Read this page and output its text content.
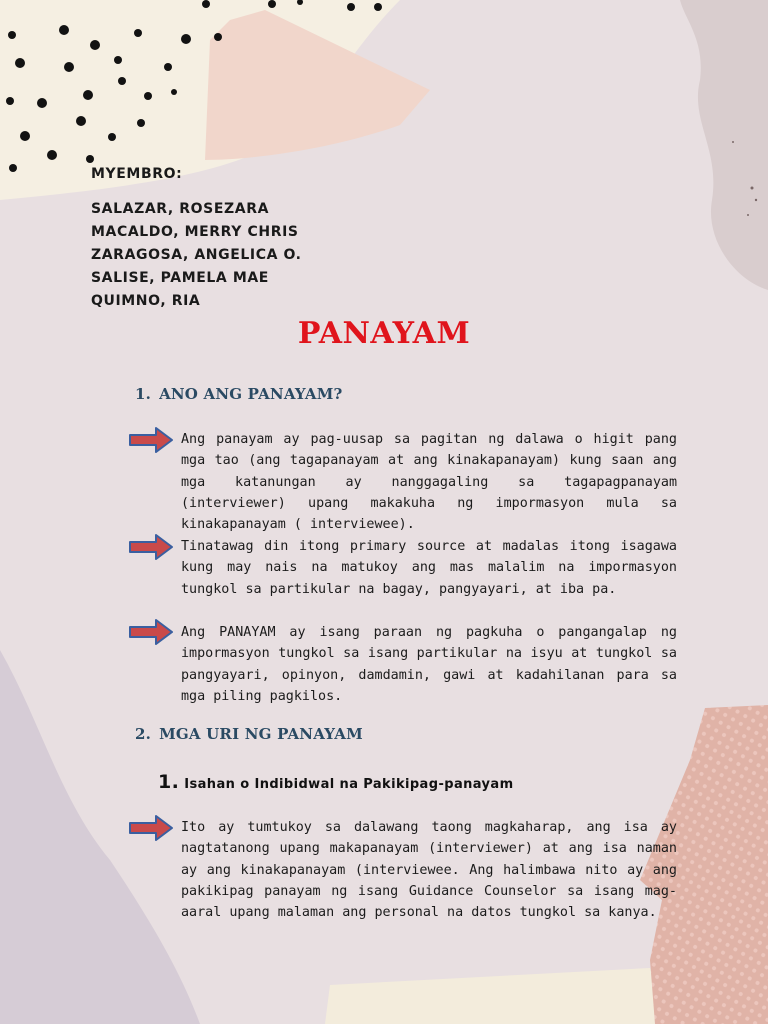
MYEMBRO:

SALAZAR, ROSEZARA

MACALDO, MERRY CHRIS

ZARAGOSA, ANGELICA O.

SALISE, PAMELA MAE

QUIMNO, RIA

PANAYAM
1. ANO ANG PANAYAM?
Ang panayam ay pag-uusap sa pagitan ng dalawa o higit pang mga tao (ang tagapanayam at ang kinakapanayam) kung saan ang mga katanungan ay nanggagaling sa tagapagpanayam (interviewer) upang makakuha ng impormasyon mula sa kinakapanayam ( interviewee).
Tinatawag din itong primary source at madalas itong isagawa kung may nais na matukoy ang mas malalim na impormasyon tungkol sa partikular na bagay, pangyayari, at iba pa.
Ang PANAYAM ay isang paraan ng pagkuha o pangangalap ng impormasyon tungkol sa isang partikular na isyu at tungkol sa pangyayari, opinyon, damdamin, gawi at kadahilanan para sa mga piling pagkilos.
2. MGA URI NG PANAYAM
1. Isahan o Indibidwal na Pakikipag-panayam
Ito ay tumtukoy sa dalawang taong magkaharap, ang isa ay nagtatanong upang makapanayam (interviewer) at ang isa naman ay ang kinakapanayam (interviewee. Ang halimbawa nito ay ang pakikipag panayam ng isang Guidance Counselor sa isang mag-aaral upang malaman ang personal na datos tungkol sa kanya.
